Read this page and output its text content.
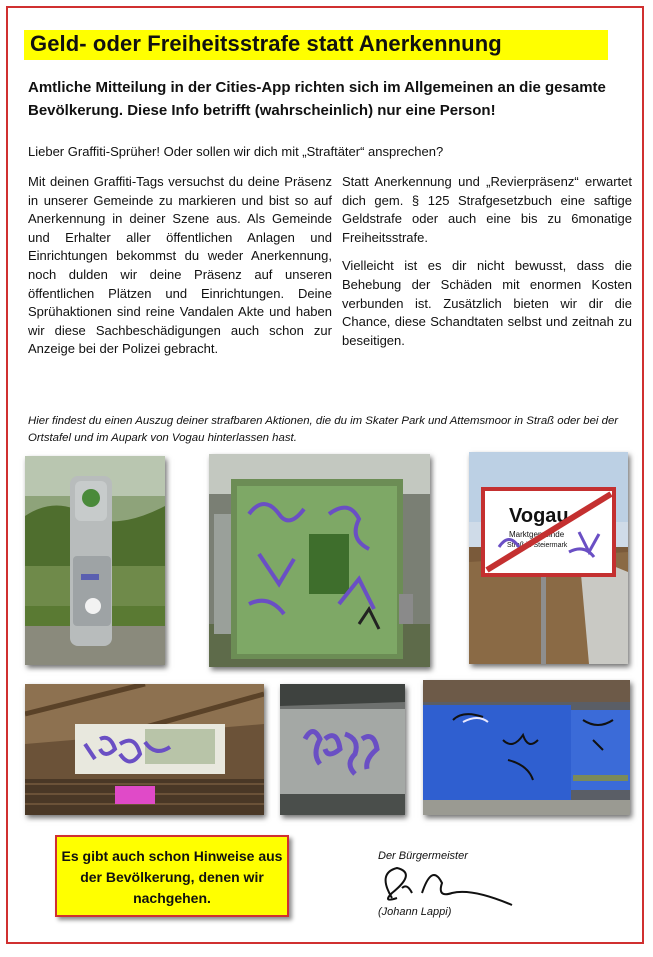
Geld- oder Freiheitsstrafe statt Anerkennung
Amtliche Mitteilung in der Cities-App richten sich im Allgemeinen an die gesamte Bevölkerung. Diese Info betrifft (wahrscheinlich) nur eine Person!
Lieber Graffiti-Sprüher! Oder sollen wir dich mit „Straftäter“ ansprechen?

Mit deinen Graffiti-Tags versuchst du deine Präsenz in unserer Gemeinde zu markieren und bist so auf Anerkennung in deiner Szene aus. Als Gemeinde und Erhalter aller öffentlichen Anlagen und Einrichtungen bekommst du weder Anerkennung, noch dulden wir deine Präsenz auf unseren öffentlichen Plätzen und Einrichtungen. Deine Sprühaktionen sind reine Vandalen Akte und haben wir diese Sachbeschädigungen auch schon zur Anzeige bei der Polizei gebracht.

Statt Anerkennung und „Revierpräsenz“ erwartet dich gem. § 125 Strafgesetzbuch eine saftige Geldstrafe oder auch eine bis zu 6monatige Freiheitsstrafe.

Vielleicht ist es dir nicht bewusst, dass die Behebung der Schäden mit enormen Kosten verbunden ist. Zusätzlich bieten wir dir die Chance, diese Schandtaten selbst und zeitnah zu beseitigen.

Hier findest du einen Auszug deiner strafbaren Aktionen, die du im Skater Park und Attemsmoor in Straß oder bei der Ortstafel und im Aupark von Vogau hinterlassen hast.
Vogau
Marktgemeinde
Straß in Steiermark
Es gibt auch schon Hinweise aus der Bevölkerung, denen wir nachgehen.
Der Bürgermeister
(Johann Lappi)
